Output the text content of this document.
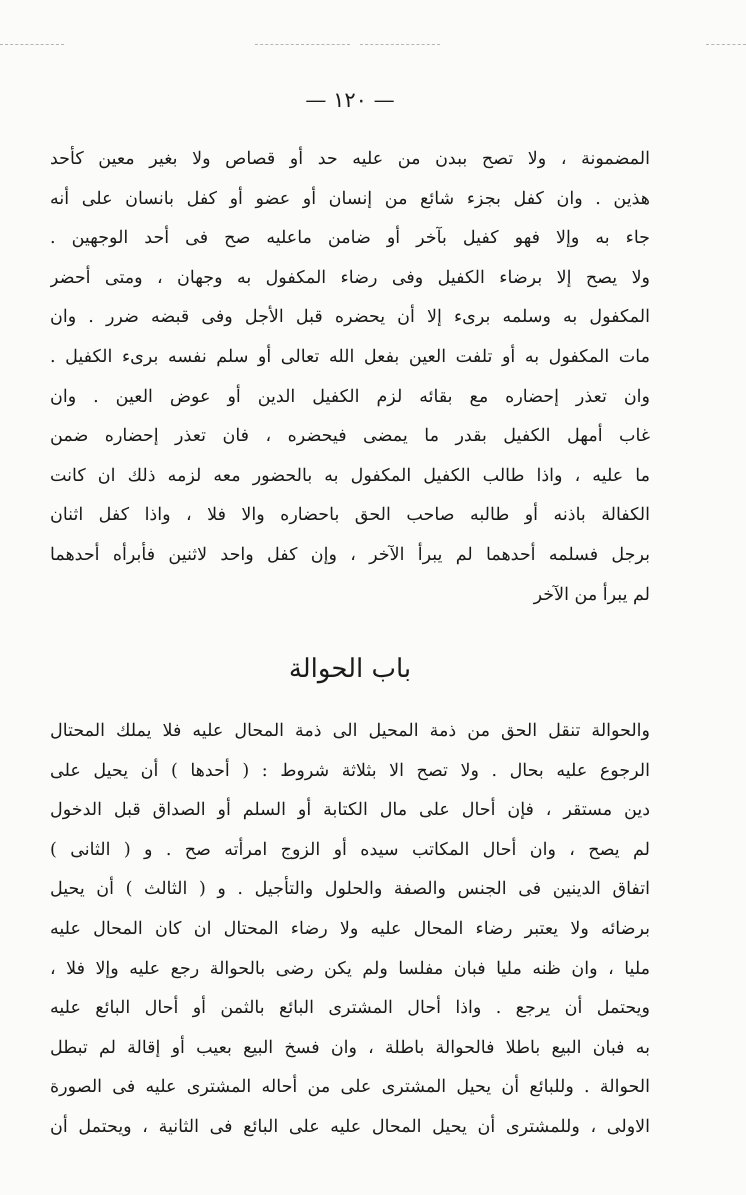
— ١٢٠ —
المضمونة ، ولا تصح ببدن من عليه حد أو قصاص ولا بغير معين كأحد
هذين . وان كفل بجزء شائع من إنسان أو عضو أو كفل بانسان على أنه
جاء به وإلا فهو كفيل بآخر أو ضامن ماعليه صح فى أحد الوجهين .
ولا يصح إلا برضاء الكفيل وفى رضاء المكفول به وجهان ، ومتى أحضر
المكفول به وسلمه برىء إلا أن يحضره قبل الأجل وفى قبضه ضرر . وان
مات المكفول به أو تلفت العين بفعل الله تعالى أو سلم نفسه برىء الكفيل .
وان تعذر إحضاره مع بقائه لزم الكفيل الدين أو عوض العين . وان
غاب أمهل الكفيل بقدر ما يمضى فيحضره ، فان تعذر إحضاره ضمن
ما عليه ، واذا طالب الكفيل المكفول به بالحضور معه لزمه ذلك ان كانت
الكفالة باذنه أو طالبه صاحب الحق باحضاره والا فلا ، واذا كفل اثنان
برجل فسلمه أحدهما لم يبرأ الآخر ، وإن كفل واحد لاثنين فأبرأه أحدهما
لم يبرأ من الآخر
باب الحوالة
والحوالة تنقل الحق من ذمة المحيل الى ذمة المحال عليه فلا يملك المحتال
الرجوع عليه بحال . ولا تصح الا بثلاثة شروط : ( أحدها ) أن يحيل على
دين مستقر ، فإن أحال على مال الكتابة أو السلم أو الصداق قبل الدخول
لم يصح ، وان أحال المكاتب سيده أو الزوج امرأته صح . و ( الثانى )
اتفاق الدينين فى الجنس والصفة والحلول والتأجيل . و ( الثالث ) أن يحيل
برضائه ولا يعتبر رضاء المحال عليه ولا رضاء المحتال ان كان المحال عليه
مليا ، وان ظنه مليا فبان مفلسا ولم يكن رضى بالحوالة رجع عليه وإلا فلا ،
ويحتمل أن يرجع . واذا أحال المشترى البائع بالثمن أو أحال البائع عليه
به فبان البيع باطلا فالحوالة باطلة ، وان فسخ البيع بعيب أو إقالة لم تبطل
الحوالة . وللبائع أن يحيل المشترى على من أحاله المشترى عليه فى الصورة
الاولى ، وللمشترى أن يحيل المحال عليه على البائع فى الثانية ، ويحتمل أن
